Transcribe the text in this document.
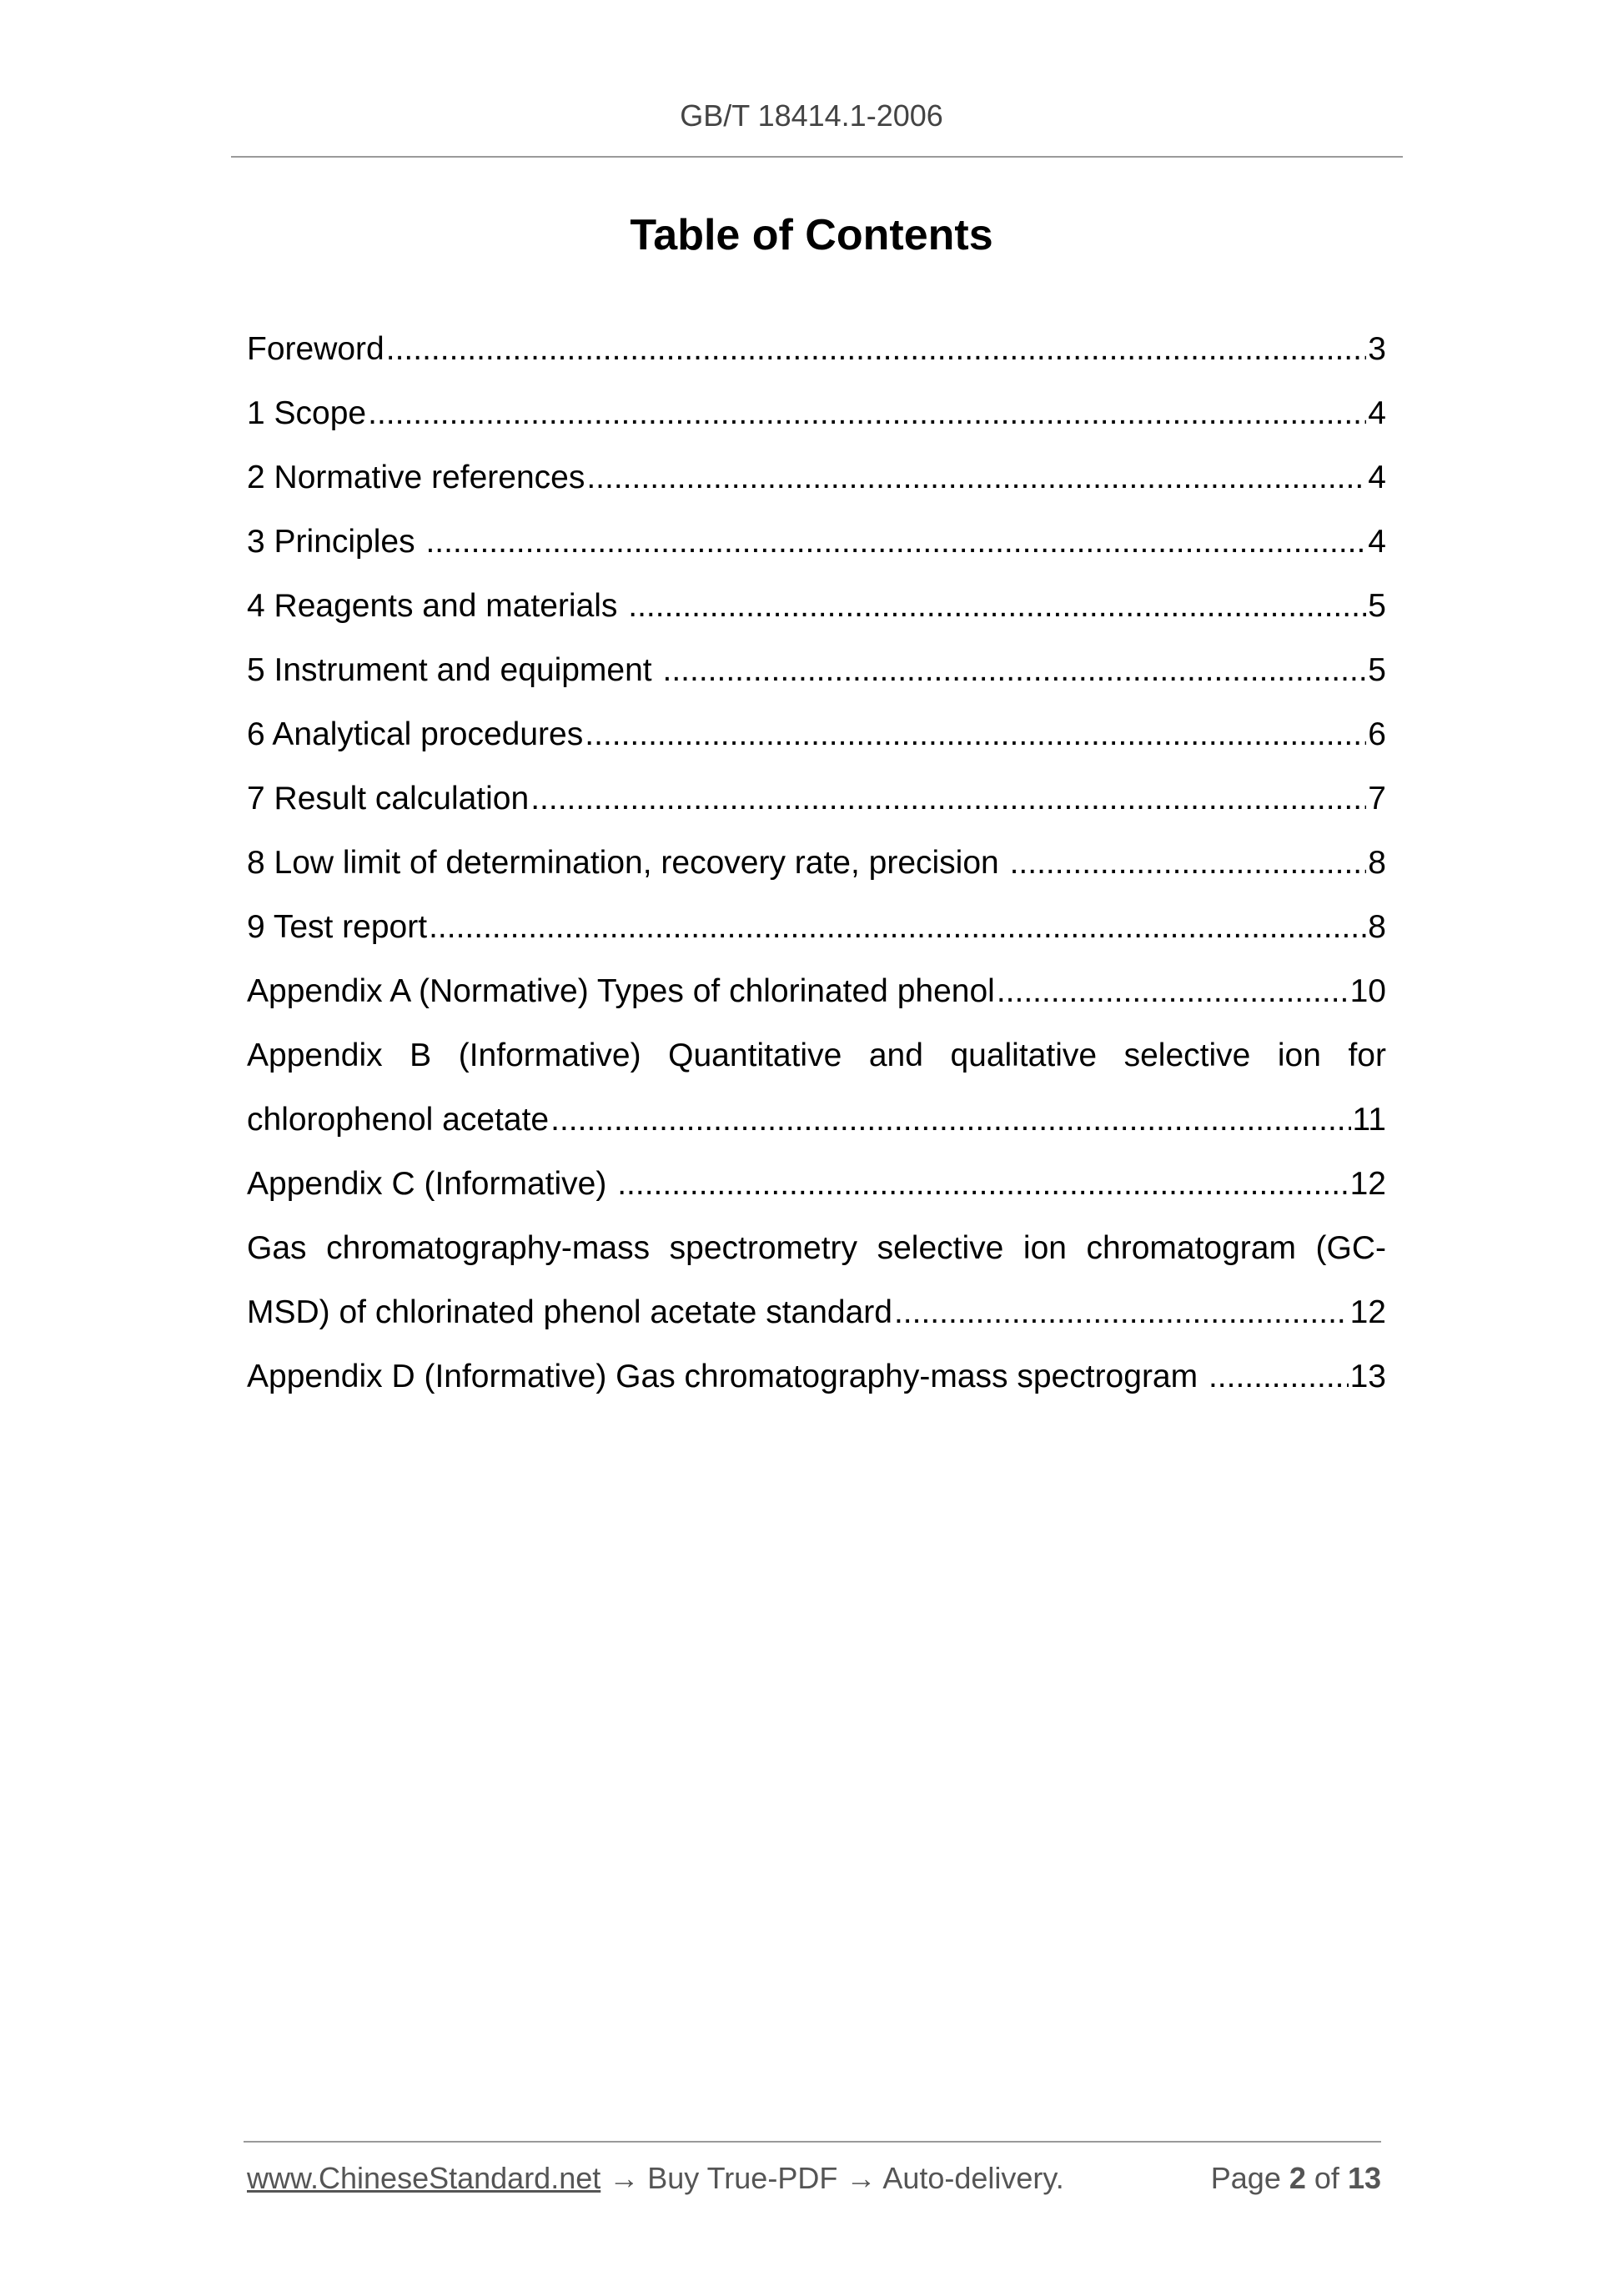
GB/T 18414.1-2006
Table of Contents
Foreword .....	3
1 Scope .....	4
2 Normative references .....	4
3 Principles .....	4
4 Reagents and materials .....	5
5 Instrument and equipment .....	5
6 Analytical procedures .....	6
7 Result calculation .....	7
8 Low limit of determination, recovery rate, precision .....	8
9 Test report .....	8
Appendix A (Normative) Types of chlorinated phenol .....	10
Appendix B (Informative) Quantitative and qualitative selective ion for
chlorophenol acetate .....	11
Appendix C (Informative) .....	12
Gas chromatography-mass spectrometry selective ion chromatogram (GC-
MSD) of chlorinated phenol acetate standard .....	12
Appendix D (Informative) Gas chromatography-mass spectrogram .....	13
www.ChineseStandard.net → Buy True-PDF → Auto-delivery.	Page 2 of 13
